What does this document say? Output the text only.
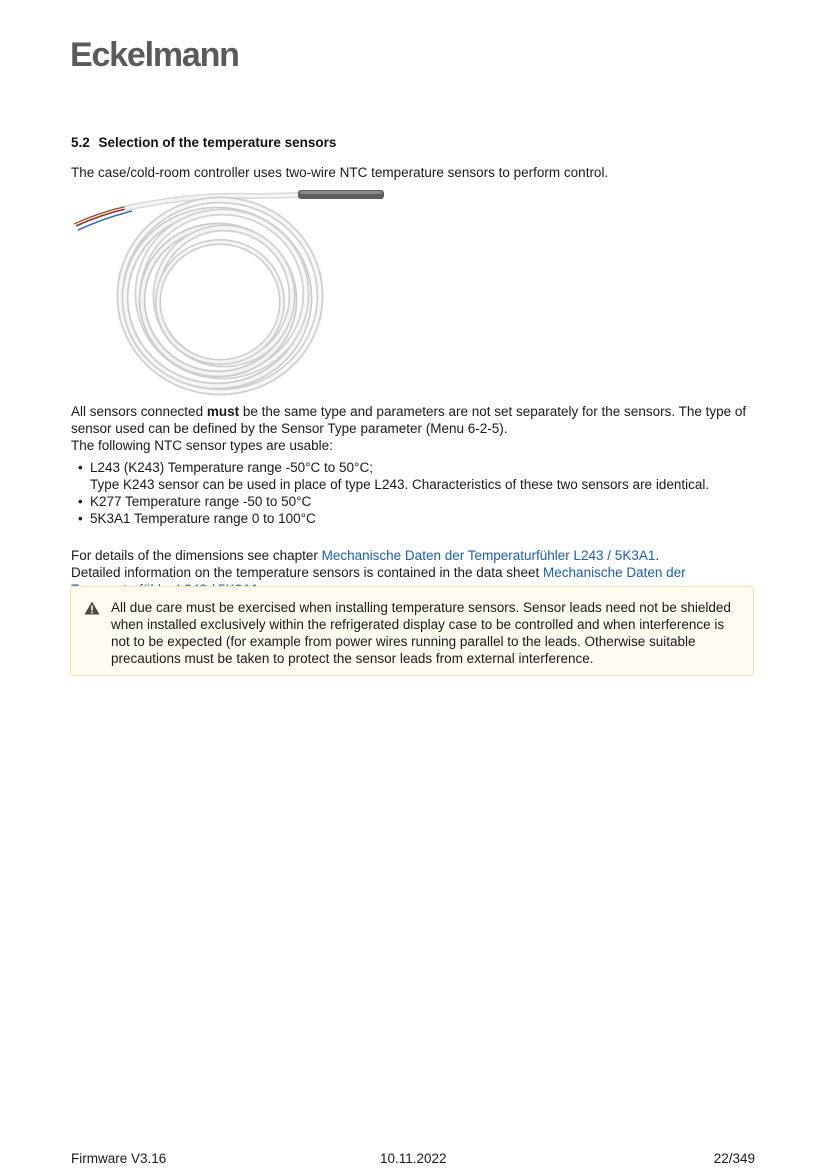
Eckelmann
5.2 Selection of the temperature sensors
The case/cold-room controller uses two-wire NTC temperature sensors to perform control.
All sensors connected must be the same type and parameters are not set separately for the sensors. The type of sensor used can be defined by the Sensor Type parameter (Menu 6-2-5).
The following NTC sensor types are usable:
• L243 (K243) Temperature range -50°C to 50°C;
Type K243 sensor can be used in place of type L243. Characteristics of these two sensors are identical.
• K277 Temperature range -50 to 50°C
• 5K3A1 Temperature range 0 to 100°C
For details of the dimensions see chapter Mechanische Daten der Temperaturfühler L243 / 5K3A1.
Detailed information on the temperature sensors is contained in the data sheet Mechanische Daten der
All due care must be exercised when installing temperature sensors. Sensor leads need not be shielded when installed exclusively within the refrigerated display case to be controlled and when interference is not to be expected (for example from power wires running parallel to the leads. Otherwise suitable precautions must be taken to protect the sensor leads from external interference.
Firmware V3.16	10.11.2022	22/349
